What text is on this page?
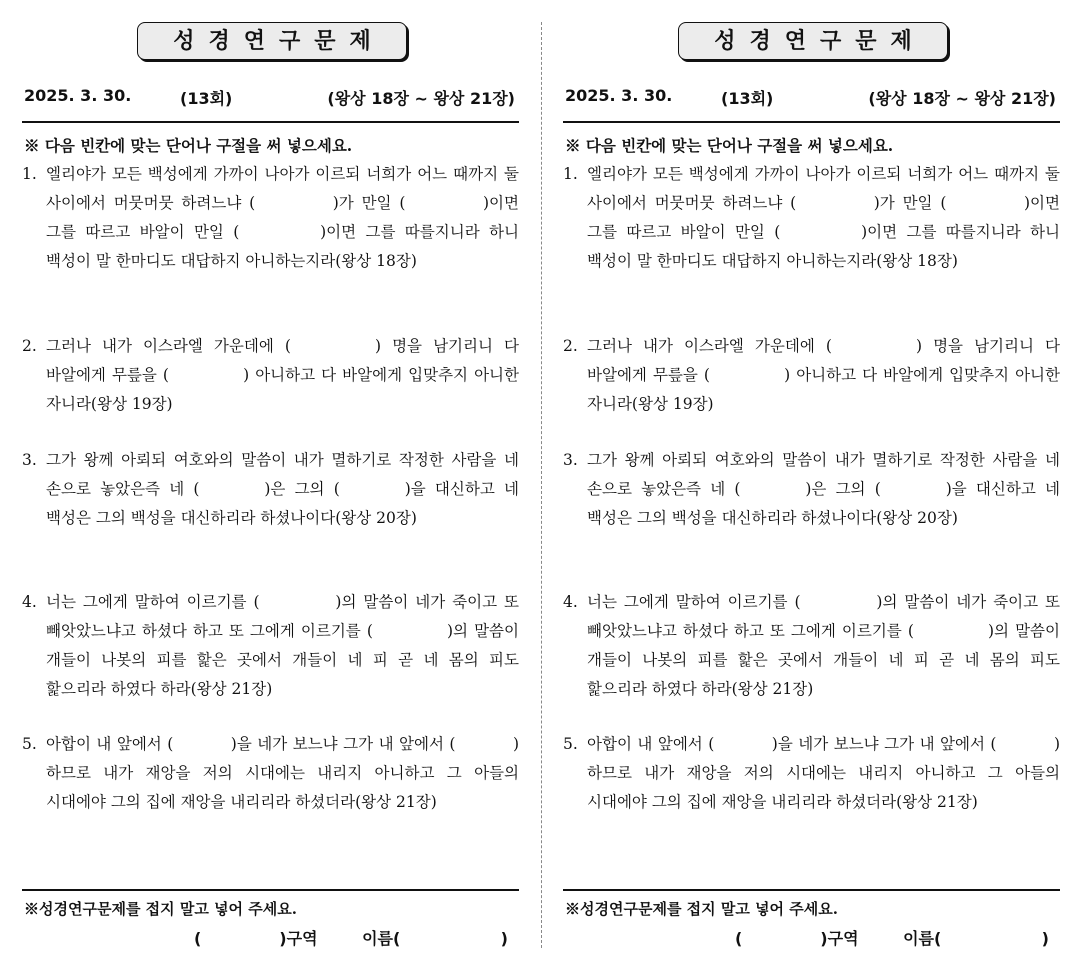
성경연구문제
2025. 3. 30.	(13회)	(왕상 18장 ~ 왕상 21장)
※ 다음 빈칸에 맞는 단어나 구절을 써 넣으세요.
1. 엘리야가 모든 백성에게 가까이 나아가 이르되 너희가 어느 때까지 둘 사이에서 머뭇머뭇 하려느냐 (      )가 만일 (      )이면 그를 따르고 바알이 만일 (      )이면 그를 따를지니라 하니 백성이 말 한마디도 대답하지 아니하는지라(왕상 18장)
2. 그러나 내가 이스라엘 가운데에 (      ) 명을 남기리니 다 바알에게 무릎을 (      ) 아니하고 다 바알에게 입맞추지 아니한 자니라(왕상 19장)
3. 그가 왕께 아뢰되 여호와의 말씀이 내가 멸하기로 작정한 사람을 네 손으로 놓았은즉 네 (     )은 그의 (     )을 대신하고 네 백성은 그의 백성을 대신하리라 하셨나이다(왕상 20장)
4. 너는 그에게 말하여 이르기를 (      )의 말씀이 네가 죽이고 또 빼앗았느냐고 하셨다 하고 또 그에게 이르기를 (      )의 말씀이 개들이 나봇의 피를 핥은 곳에서 개들이 네 피 곧 네 몸의 피도 핥으리라 하였다 하라(왕상 21장)
5. 아합이 내 앞에서 (     )을 네가 보느냐 그가 내 앞에서 (     )하므로 내가 재앙을 저의 시대에는 내리지 아니하고 그 아들의 시대에야 그의 집에 재앙을 내리리라 하셨더라(왕상 21장)
※성경연구문제를 접지 말고 넣어 주세요.
(              )구역        이름(                  )
성경연구문제
2025. 3. 30.	(13회)	(왕상 18장 ~ 왕상 21장)
※ 다음 빈칸에 맞는 단어나 구절을 써 넣으세요.
1. 엘리야가 모든 백성에게 가까이 나아가 이르되 너희가 어느 때까지 둘 사이에서 머뭇머뭇 하려느냐 (      )가 만일 (      )이면 그를 따르고 바알이 만일 (      )이면 그를 따를지니라 하니 백성이 말 한마디도 대답하지 아니하는지라(왕상 18장)
2. 그러나 내가 이스라엘 가운데에 (      ) 명을 남기리니 다 바알에게 무릎을 (      ) 아니하고 다 바알에게 입맞추지 아니한 자니라(왕상 19장)
3. 그가 왕께 아뢰되 여호와의 말씀이 내가 멸하기로 작정한 사람을 네 손으로 놓았은즉 네 (     )은 그의 (     )을 대신하고 네 백성은 그의 백성을 대신하리라 하셨나이다(왕상 20장)
4. 너는 그에게 말하여 이르기를 (      )의 말씀이 네가 죽이고 또 빼앗았느냐고 하셨다 하고 또 그에게 이르기를 (      )의 말씀이 개들이 나봇의 피를 핥은 곳에서 개들이 네 피 곧 네 몸의 피도 핥으리라 하였다 하라(왕상 21장)
5. 아합이 내 앞에서 (     )을 네가 보느냐 그가 내 앞에서 (     )하므로 내가 재앙을 저의 시대에는 내리지 아니하고 그 아들의 시대에야 그의 집에 재앙을 내리리라 하셨더라(왕상 21장)
※성경연구문제를 접지 말고 넣어 주세요.
(              )구역        이름(                  )
